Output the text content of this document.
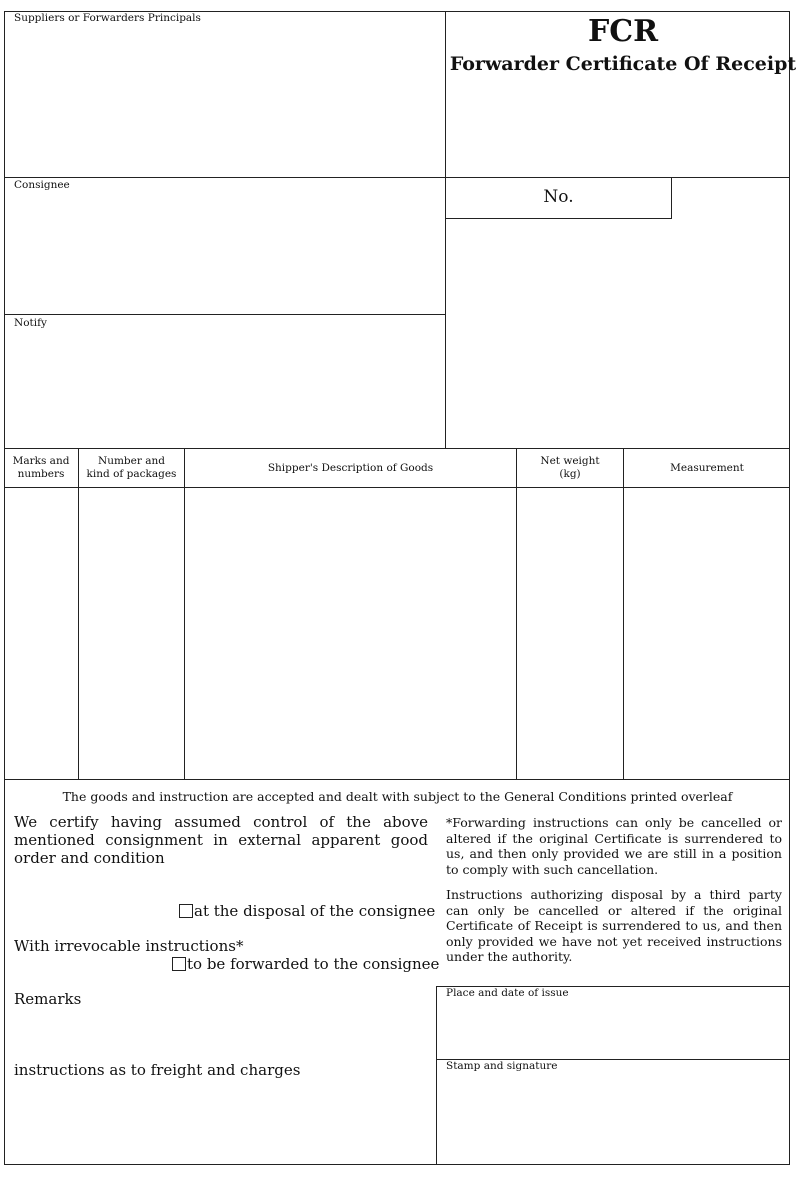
Suppliers or Forwarders Principals
Consignee
Notify
FCR
Forwarder Certificate Of Receipt
No.
Marks and numbers
Number and kind of packages
Shipper's Description of Goods
Net weight (kg)
Measurement
The goods and instruction are accepted and dealt with subject to the General Conditions printed overleaf
We certify having assumed control of the above mentioned consignment in external apparent good order and condition
at the disposal of the consignee
With irrevocable instructions*
to be forwarded to the consignee
*Forwarding instructions can only be cancelled or altered if the original Certificate is surrendered to us, and then only provided we are still in a position to comply with such cancellation.
Instructions authorizing disposal by a third party can only be cancelled or altered if the original Certificate of Receipt is surrendered to us, and then only provided we have not yet received instructions under the authority.
Remarks
instructions as to freight and charges
Place and date of issue
Stamp and signature
